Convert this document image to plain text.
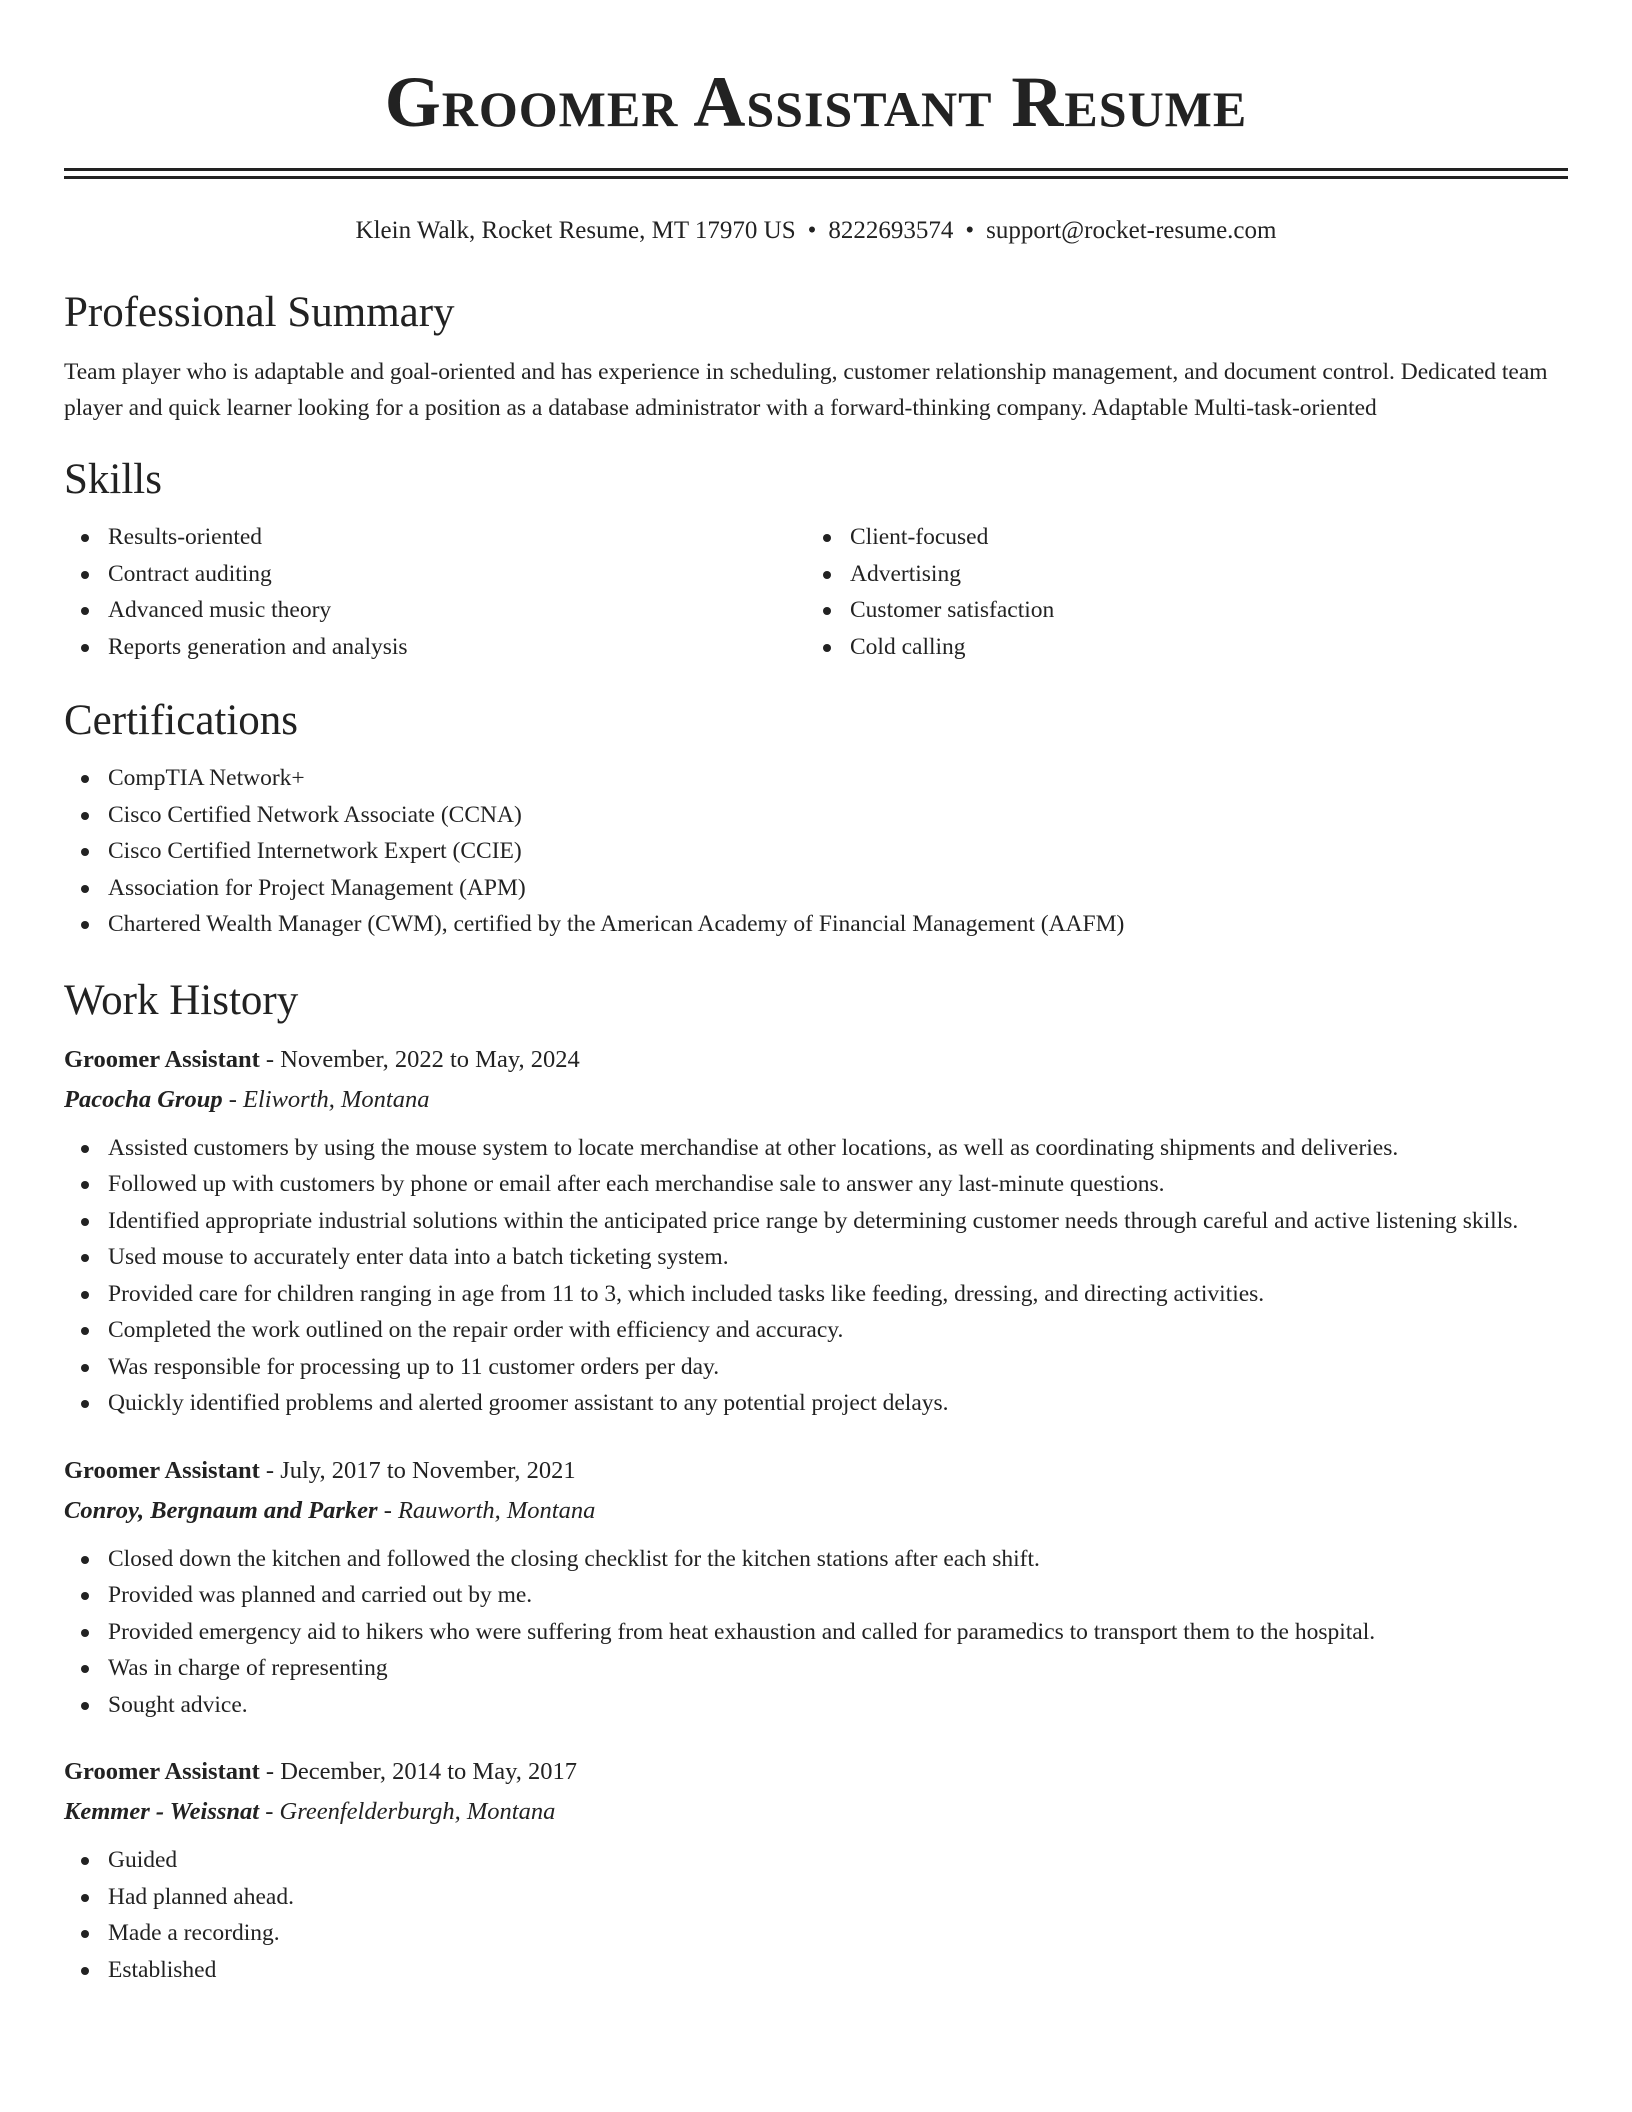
Groomer Assistant Resume
Klein Walk, Rocket Resume, MT 17970 US • 8222693574 • support@rocket-resume.com
Professional Summary

Team player who is adaptable and goal-oriented and has experience in scheduling, customer relationship management, and document control. Dedicated team player and quick learner looking for a position as a database administrator with a forward-thinking company. Adaptable Multi-task-oriented

Skills
Results-oriented
Contract auditing
Advanced music theory
Reports generation and analysis
Client-focused
Advertising
Customer satisfaction
Cold calling
Certifications
CompTIA Network+
Cisco Certified Network Associate (CCNA)
Cisco Certified Internetwork Expert (CCIE)
Association for Project Management (APM)
Chartered Wealth Manager (CWM), certified by the American Academy of Financial Management (AAFM)
Work History
Groomer Assistant - November, 2022 to May, 2024
Pacocha Group - Eliworth, Montana
Assisted customers by using the mouse system to locate merchandise at other locations, as well as coordinating shipments and deliveries.
Followed up with customers by phone or email after each merchandise sale to answer any last-minute questions.
Identified appropriate industrial solutions within the anticipated price range by determining customer needs through careful and active listening skills.
Used mouse to accurately enter data into a batch ticketing system.
Provided care for children ranging in age from 11 to 3, which included tasks like feeding, dressing, and directing activities.
Completed the work outlined on the repair order with efficiency and accuracy.
Was responsible for processing up to 11 customer orders per day.
Quickly identified problems and alerted groomer assistant to any potential project delays.
Groomer Assistant - July, 2017 to November, 2021
Conroy, Bergnaum and Parker - Rauworth, Montana
Closed down the kitchen and followed the closing checklist for the kitchen stations after each shift.
Provided was planned and carried out by me.
Provided emergency aid to hikers who were suffering from heat exhaustion and called for paramedics to transport them to the hospital.
Was in charge of representing
Sought advice.
Groomer Assistant - December, 2014 to May, 2017
Kemmer - Weissnat - Greenfelderburgh, Montana
Guided
Had planned ahead.
Made a recording.
Established
